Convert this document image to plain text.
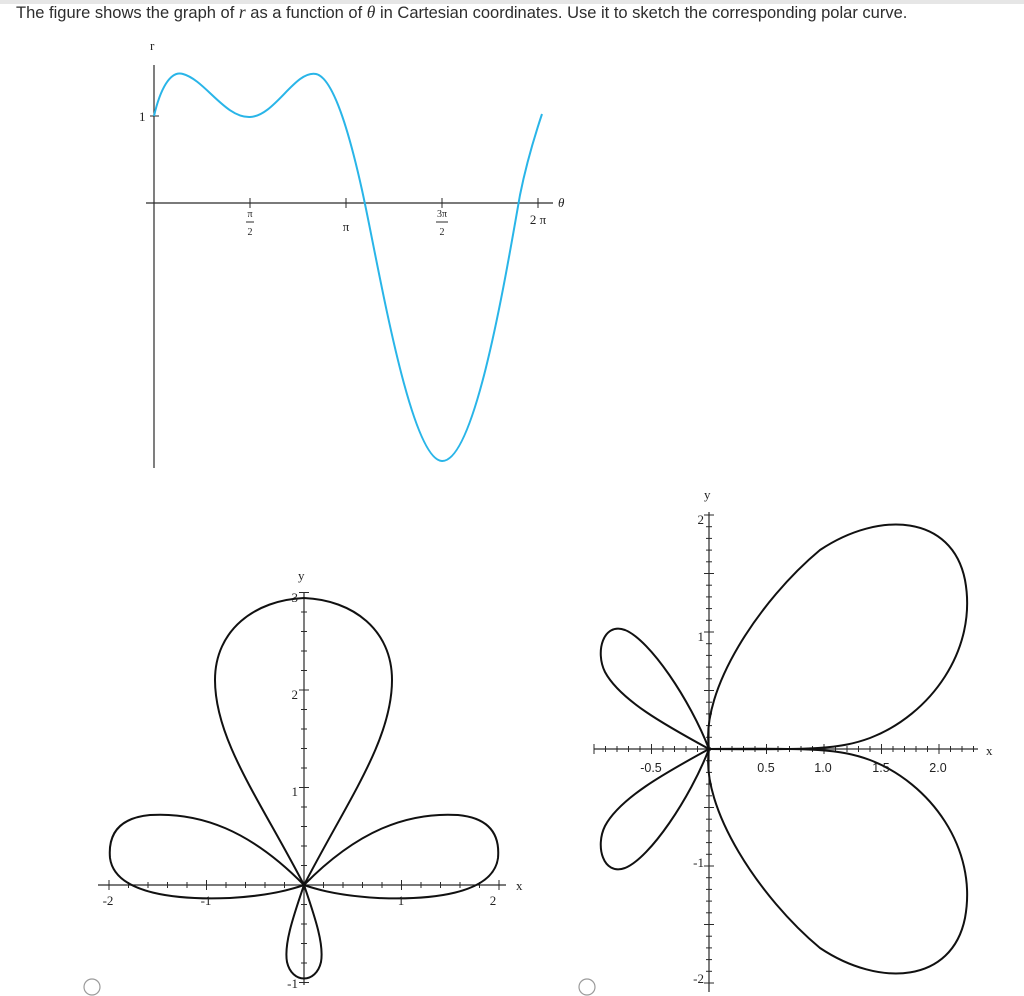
The figure shows the graph of r as a function of θ in Cartesian coordinates. Use it to sketch the corresponding polar curve.
r
1
π
2	π
3π
2
2 π
θ
y
x
-2	-1	1	2
3
2
1
-1
y
x
-0.5	0.5	1.0	1.5	2.0
2
1
-1
-2
